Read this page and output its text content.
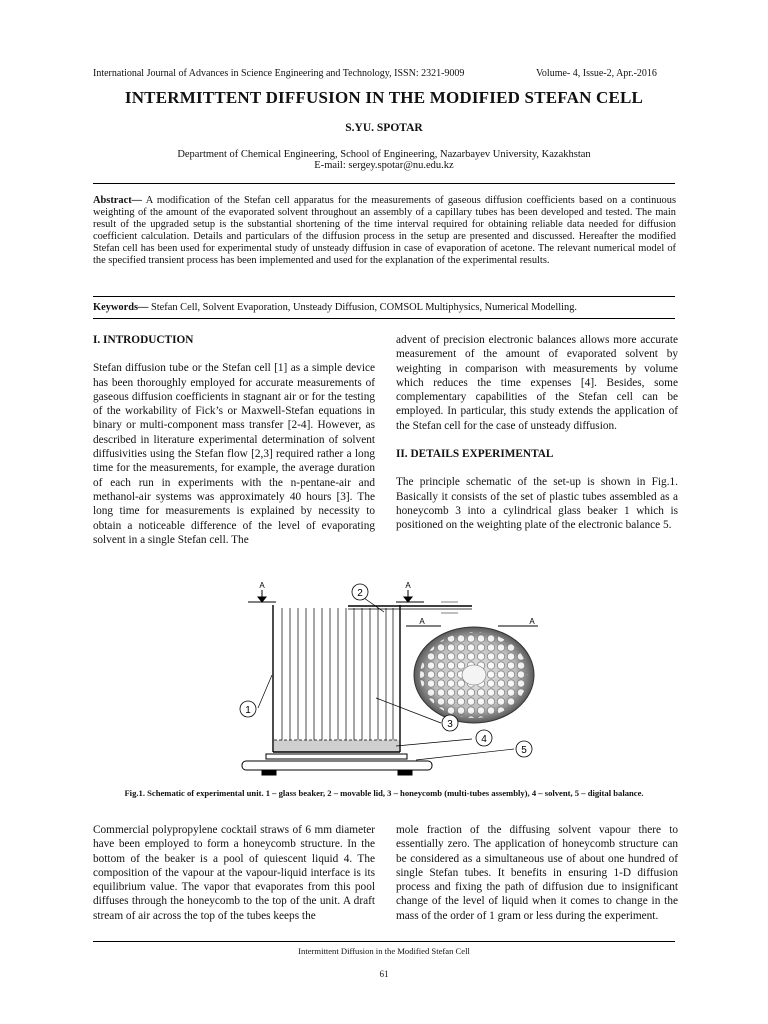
International Journal of Advances in Science Engineering and Technology, ISSN: 2321-9009	Volume- 4, Issue-2, Apr.-2016
INTERMITTENT DIFFUSION IN THE MODIFIED STEFAN CELL
S.YU. SPOTAR
Department of Chemical Engineering, School of Engineering, Nazarbayev University, Kazakhstan
E-mail: sergey.spotar@nu.edu.kz
Abstract— A modification of the Stefan cell apparatus for the measurements of gaseous diffusion coefficients based on a continuous weighting of the amount of the evaporated solvent throughout an assembly of a capillary tubes has been developed and tested. The main result of the upgraded setup is the substantial shortening of the time interval required for obtaining reliable data needed for diffusion coefficient calculation. Details and particulars of the diffusion process in the setup are presented and discussed. Hereafter the modified Stefan cell has been used for experimental study of unsteady diffusion in case of evaporation of acetone. The relevant numerical model of the specified transient process has been implemented and used for the explanation of the experimental results.
Keywords— Stefan Cell, Solvent Evaporation, Unsteady Diffusion, COMSOL Multiphysics, Numerical Modelling.
I. INTRODUCTION

Stefan diffusion tube or the Stefan cell [1] as a simple device has been thoroughly employed for accurate measurements of gaseous diffusion coefficients in stagnant air or for the testing of the workability of Fick’s or Maxwell-Stefan equations in binary or multi-component mass transfer [2-4]. However, as described in literature experimental determination of solvent diffusivities using the Stefan flow [2,3] required rather a long time for the measurements, for example, the average duration of each run in experiments with the n-pentane-air and methanol-air systems was approximately 40 hours [3]. The long time for measurements is explained by necessity to obtain a noticeable difference of the level of evaporating solvent in a single Stefan cell. The

advent of precision electronic balances allows more accurate measurement of the amount of evaporated solvent by weighting in comparison with measurements by volume which reduces the time expenses [4]. Besides, some complementary capabilities of the Stefan cell can be employed. In particular, this study extends the application of the Stefan cell for the case of unsteady diffusion.

II. DETAILS EXPERIMENTAL

The principle schematic of the set-up is shown in Fig.1. Basically it consists of the set of plastic tubes assembled as a honeycomb 3 into a cylindrical glass beaker 1 which is positioned on the weighting plate of the electronic balance 5.

1
2
3
4
5
A	A
A	A
Fig.1. Schematic of experimental unit. 1 – glass beaker, 2 – movable lid, 3 – honeycomb (multi-tubes assembly), 4 – solvent, 5 – digital balance.

Commercial polypropylene cocktail straws of 6 mm diameter have been employed to form a honeycomb structure. In the bottom of the beaker is a pool of quiescent liquid 4. The composition of the vapour at the vapour-liquid interface is its equilibrium value. The vapor that evaporates from this pool diffuses through the honeycomb to the top of the unit. A draft stream of air across the top of the tubes keeps the

mole fraction of the diffusing solvent vapour there to essentially zero. The application of honeycomb structure can be considered as a simultaneous use of about one hundred of single Stefan tubes. It benefits in ensuring 1-D diffusion process and fixing the path of diffusion due to insignificant change of the level of liquid when it comes to change in the mass of the order of 1 gram or less during the experiment.

Intermittent Diffusion in the Modified Stefan Cell
61
